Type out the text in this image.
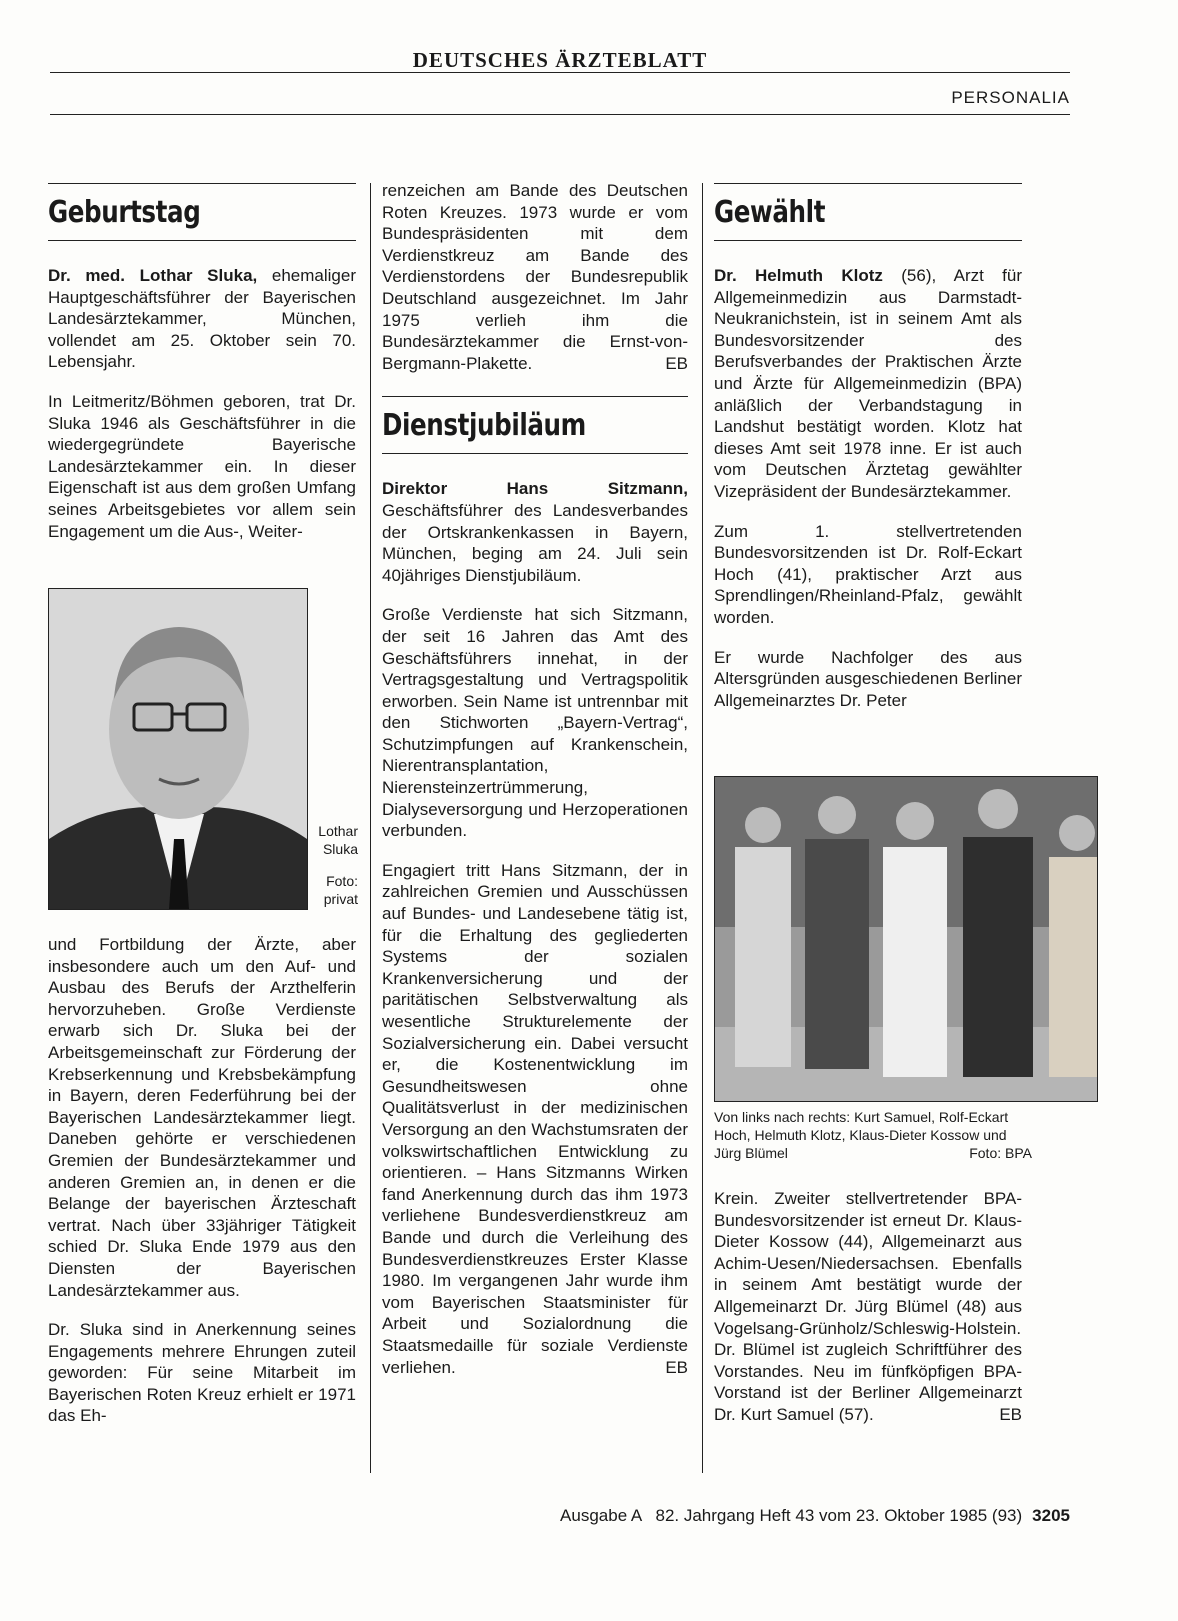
DEUTSCHES ÄRZTEBLATT
PERSONALIA
Geburtstag

Dr. med. Lothar Sluka, ehemaliger Hauptgeschäftsführer der Bayerischen Landesärztekammer, München, vollendet am 25. Oktober sein 70. Lebensjahr.

In Leitmeritz/Böhmen geboren, trat Dr. Sluka 1946 als Geschäftsführer in die wiedergegründete Bayerische Landesärztekammer ein. In dieser Eigenschaft ist aus dem großen Umfang seines Arbeitsgebietes vor allem sein Engagement um die Aus-, Weiter-

Lothar Sluka
Foto: privat

und Fortbildung der Ärzte, aber insbesondere auch um den Auf- und Ausbau des Berufs der Arzthelferin hervorzuheben. Große Verdienste erwarb sich Dr. Sluka bei der Arbeitsgemeinschaft zur Förderung der Krebserkennung und Krebsbekämpfung in Bayern, deren Federführung bei der Bayerischen Landesärztekammer liegt. Daneben gehörte er verschiedenen Gremien der Bundesärztekammer und anderen Gremien an, in denen er die Belange der bayerischen Ärzteschaft vertrat. Nach über 33jähriger Tätigkeit schied Dr. Sluka Ende 1979 aus den Diensten der Bayerischen Landesärztekammer aus.

Dr. Sluka sind in Anerkennung seines Engagements mehrere Ehrungen zuteil geworden: Für seine Mitarbeit im Bayerischen Roten Kreuz erhielt er 1971 das Eh-

renzeichen am Bande des Deutschen Roten Kreuzes. 1973 wurde er vom Bundespräsidenten mit dem Verdienstkreuz am Bande des Verdienstordens der Bundesrepublik Deutschland ausgezeichnet. Im Jahr 1975 verlieh ihm die Bundesärztekammer die Ernst-von-Bergmann-Plakette.	EB

Dienstjubiläum

Direktor Hans Sitzmann, Geschäftsführer des Landesverbandes der Ortskrankenkassen in Bayern, München, beging am 24. Juli sein 40jähriges Dienstjubiläum.

Große Verdienste hat sich Sitzmann, der seit 16 Jahren das Amt des Geschäftsführers innehat, in der Vertragsgestaltung und Vertragspolitik erworben. Sein Name ist untrennbar mit den Stichworten „Bayern-Vertrag“, Schutzimpfungen auf Krankenschein, Nierentransplantation, Nierensteinzertrümmerung, Dialyseversorgung und Herzoperationen verbunden.

Engagiert tritt Hans Sitzmann, der in zahlreichen Gremien und Ausschüssen auf Bundes- und Landesebene tätig ist, für die Erhaltung des gegliederten Systems der sozialen Krankenversicherung und der paritätischen Selbstverwaltung als wesentliche Strukturelemente der Sozialversicherung ein. Dabei versucht er, die Kostenentwicklung im Gesundheitswesen ohne Qualitätsverlust in der medizinischen Versorgung an den Wachstumsraten der volkswirtschaftlichen Entwicklung zu orientieren. – Hans Sitzmanns Wirken fand Anerkennung durch das ihm 1973 verliehene Bundesverdienstkreuz am Bande und durch die Verleihung des Bundesverdienstkreuzes Erster Klasse 1980. Im vergangenen Jahr wurde ihm vom Bayerischen Staatsminister für Arbeit und Sozialordnung die Staatsmedaille für soziale Verdienste verliehen.	EB

Gewählt

Dr. Helmuth Klotz (56), Arzt für Allgemeinmedizin aus Darmstadt-Neukranichstein, ist in seinem Amt als Bundesvorsitzender des Berufsverbandes der Praktischen Ärzte und Ärzte für Allgemeinmedizin (BPA) anläßlich der Verbandstagung in Landshut bestätigt worden. Klotz hat dieses Amt seit 1978 inne. Er ist auch vom Deutschen Ärztetag gewählter Vizepräsident der Bundesärztekammer.

Zum 1. stellvertretenden Bundesvorsitzenden ist Dr. Rolf-Eckart Hoch (41), praktischer Arzt aus Sprendlingen/Rheinland-Pfalz, gewählt worden.

Er wurde Nachfolger des aus Altersgründen ausgeschiedenen Berliner Allgemeinarztes Dr. Peter

Von links nach rechts: Kurt Samuel, Rolf-Eckart Hoch, Helmuth Klotz, Klaus-Dieter Kossow und Jürg Blümel	Foto: BPA

Krein. Zweiter stellvertretender BPA-Bundesvorsitzender ist erneut Dr. Klaus-Dieter Kossow (44), Allgemeinarzt aus Achim-Uesen/Niedersachsen. Ebenfalls in seinem Amt bestätigt wurde der Allgemeinarzt Dr. Jürg Blümel (48) aus Vogelsang-Grünholz/Schleswig-Holstein. Dr. Blümel ist zugleich Schriftführer des Vorstandes. Neu im fünfköpfigen BPA-Vorstand ist der Berliner Allgemeinarzt Dr. Kurt Samuel (57).	EB

Ausgabe A   82. Jahrgang Heft 43 vom 23. Oktober 1985 (93) 3205
